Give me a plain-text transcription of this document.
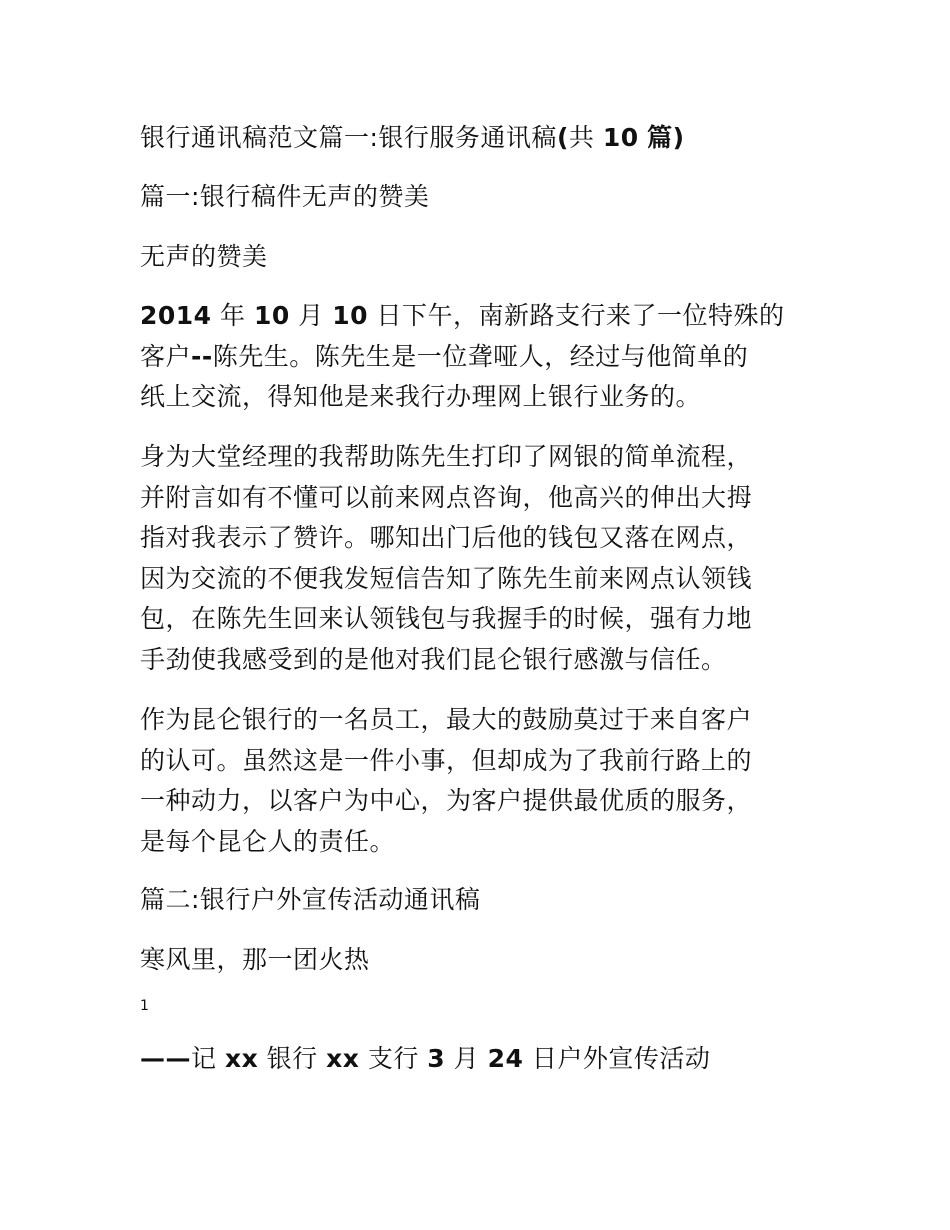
银行通讯稿范文篇一:银行服务通讯稿(共 10 篇)
篇一:银行稿件无声的赞美
无声的赞美
2014 年 10 月 10 日下午，南新路支行来了一位特殊的
客户--陈先生。陈先生是一位聋哑人，经过与他简单的
纸上交流，得知他是来我行办理网上银行业务的。
身为大堂经理的我帮助陈先生打印了网银的简单流程，
并附言如有不懂可以前来网点咨询，他高兴的伸出大拇
指对我表示了赞许。哪知出门后他的钱包又落在网点，
因为交流的不便我发短信告知了陈先生前来网点认领钱
包，在陈先生回来认领钱包与我握手的时候，强有力地
手劲使我感受到的是他对我们昆仑银行感激与信任。
作为昆仑银行的一名员工，最大的鼓励莫过于来自客户
的认可。虽然这是一件小事，但却成为了我前行路上的
一种动力，以客户为中心，为客户提供最优质的服务，
是每个昆仑人的责任。
篇二:银行户外宣传活动通讯稿
寒风里，那一团火热
1
——记 xx 银行 xx 支行 3 月 24 日户外宣传活动
